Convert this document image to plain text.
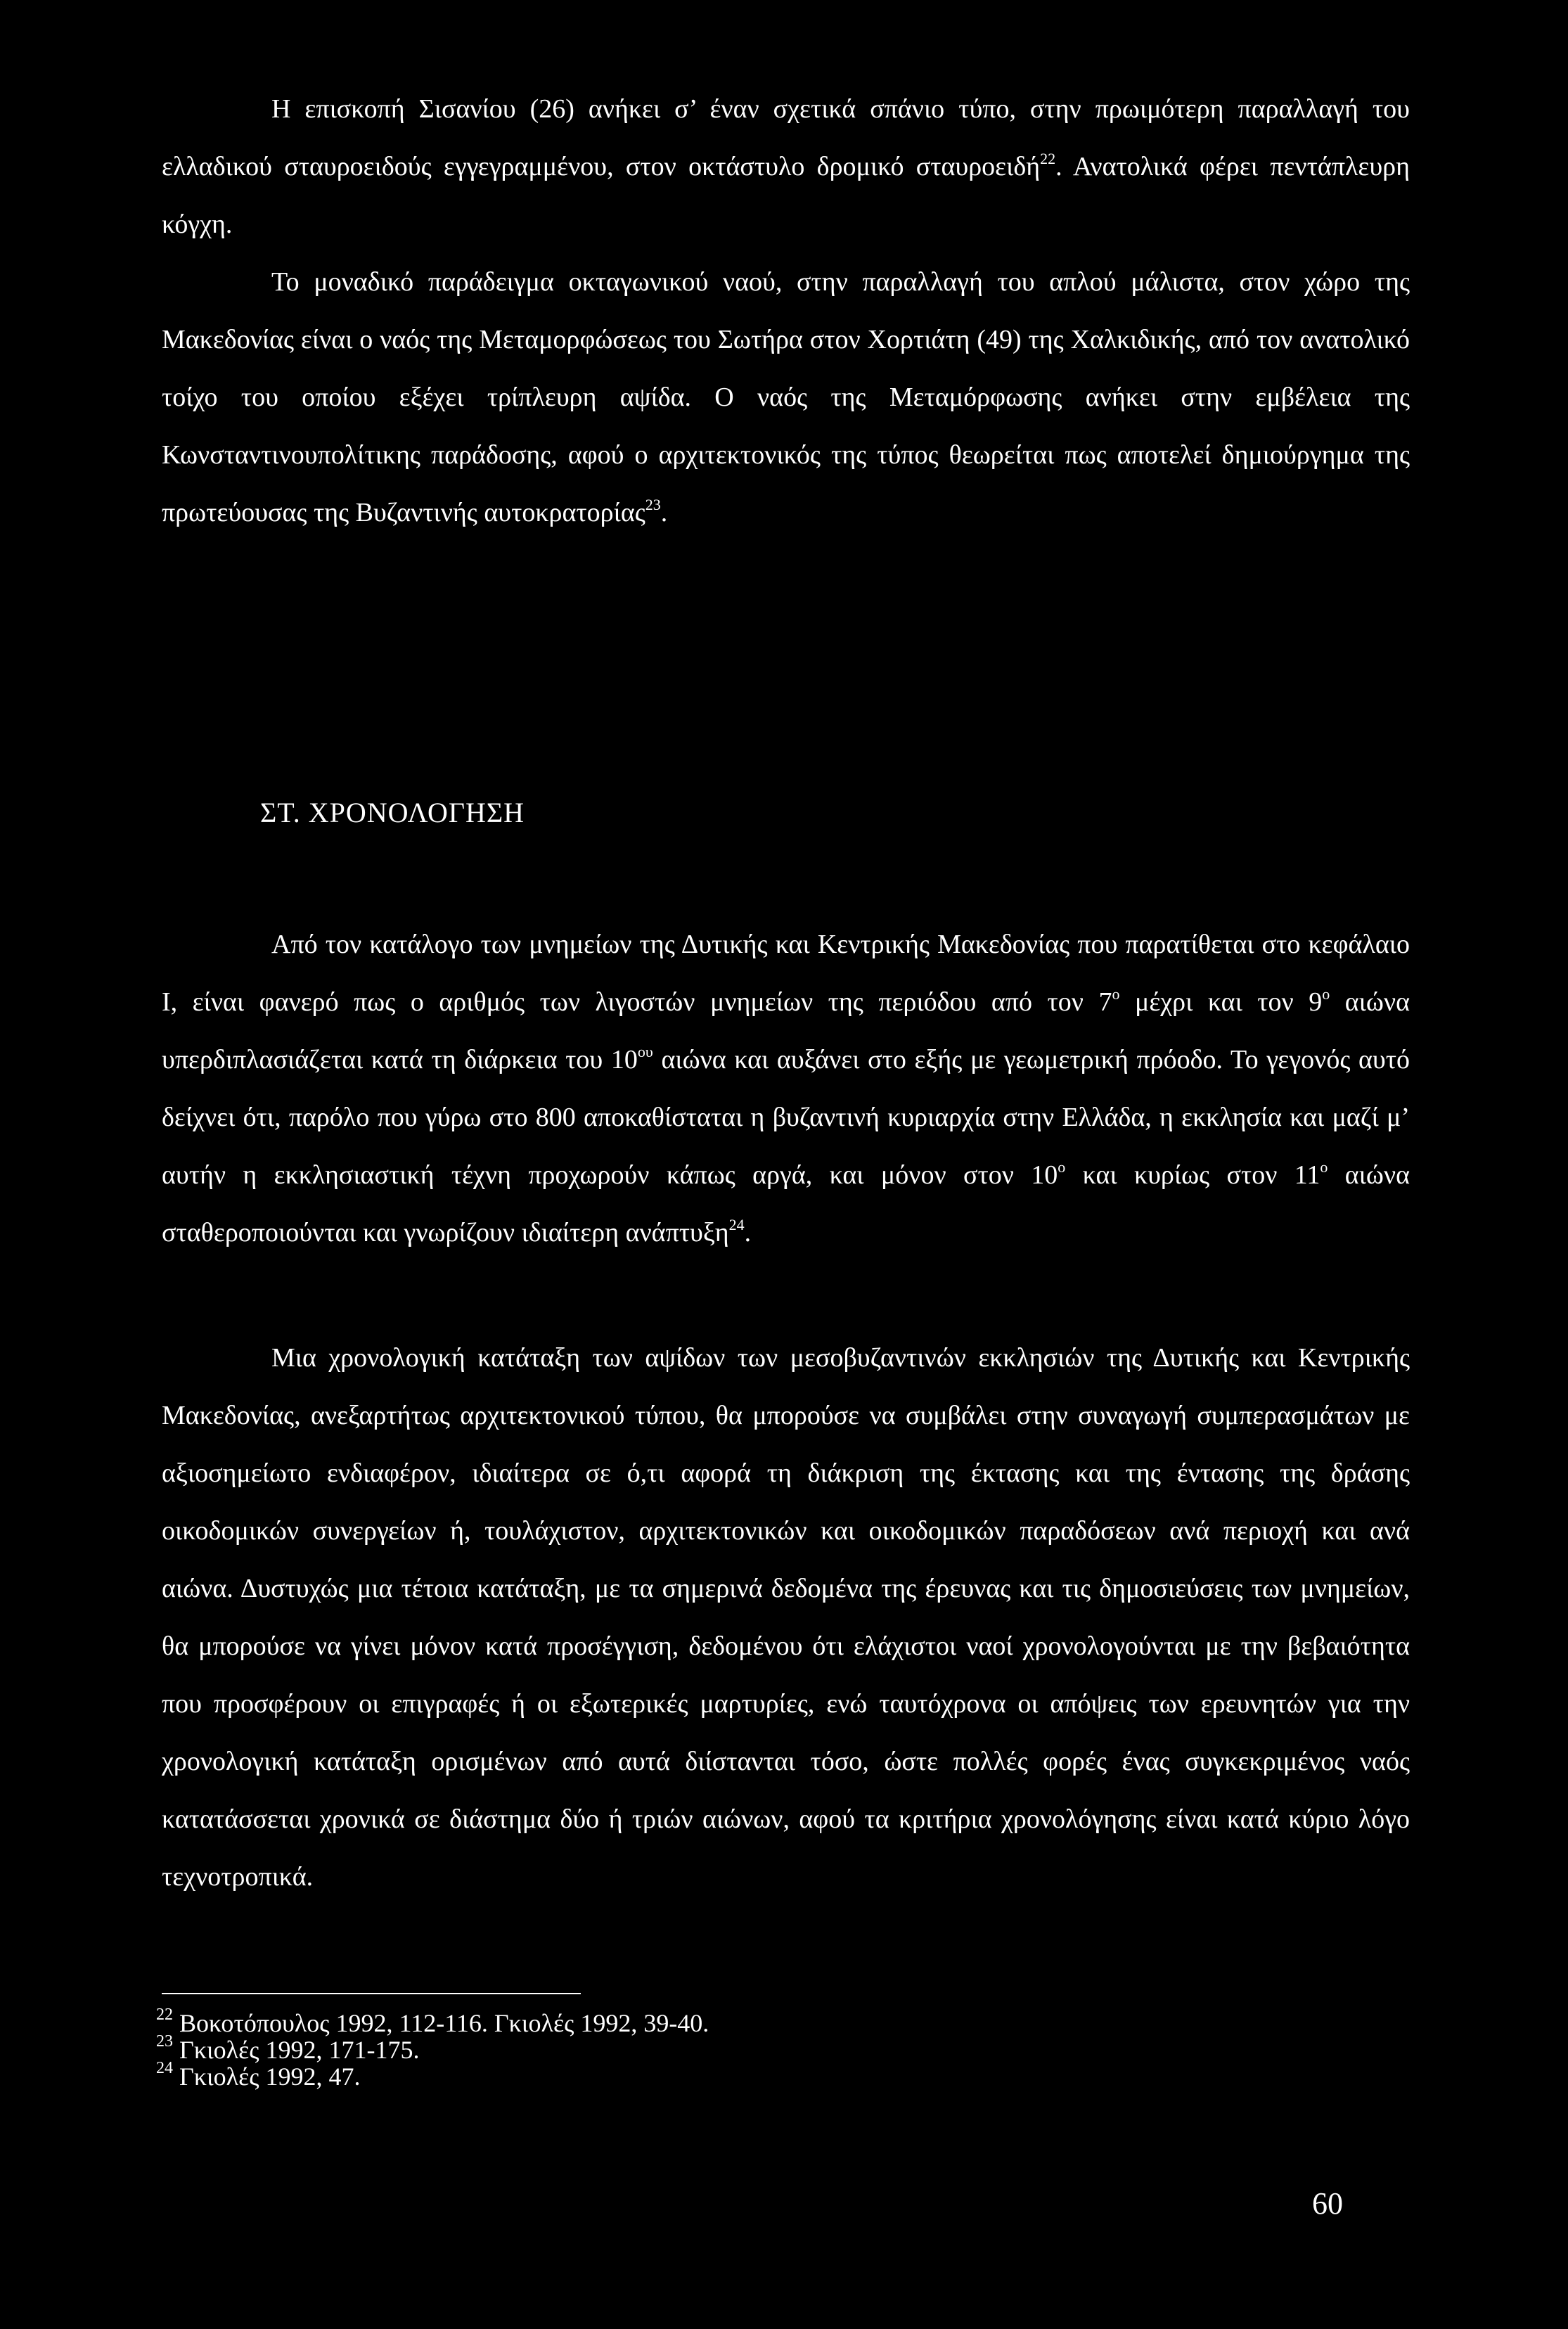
Η επισκοπή Σισανίου (26) ανήκει σ’ έναν σχετικά σπάνιο τύπο, στην πρωιμότερη παραλλαγή του ελλαδικού σταυροειδούς εγγεγραμμένου, στον οκτάστυλο δρομικό σταυροειδή$^{22}$. Ανατολικά φέρει πεντάπλευρη κόγχη.

Το μοναδικό παράδειγμα οκταγωνικού ναού, στην παραλλαγή του απλού μάλιστα, στον χώρο της Μακεδονίας είναι ο ναός της Μεταμορφώσεως του Σωτήρα στον Χορτιάτη (49) της Χαλκιδικής, από τον ανατολικό τοίχο του οποίου εξέχει τρίπλευρη αψίδα. Ο ναός της Μεταμόρφωσης ανήκει στην εμβέλεια της Κωνσταντινουπολίτικης παράδοσης, αφού ο αρχιτεκτονικός της τύπος θεωρείται πως αποτελεί δημιούργημα της πρωτεύουσας της Βυζαντινής αυτοκρατορίας$^{23}$.

ΣΤ. ΧΡΟΝΟΛΟΓΗΣΗ

Από τον κατάλογο των μνημείων της Δυτικής και Κεντρικής Μακεδονίας που παρατίθεται στο κεφάλαιο Ι, είναι φανερό πως ο αριθμός των λιγοστών μνημείων της περιόδου από τον $7^o$ μέχρι και τον $9^o$ αιώνα υπερδιπλασιάζεται κατά τη διάρκεια του $10^{o\upsilon}$ αιώνα και αυξάνει στο εξής με γεωμετρική πρόοδο. Το γεγονός αυτό δείχνει ότι, παρόλο που γύρω στο 800 αποκαθίσταται η βυζαντινή κυριαρχία στην Ελλάδα, η εκκλησία και μαζί μ’ αυτήν η εκκλησιαστική τέχνη προχωρούν κάπως αργά, και μόνον στον $10^o$ και κυρίως στον $11^o$ αιώνα σταθεροποιούνται και γνωρίζουν ιδιαίτερη ανάπτυξη$^{24}$.

Μια χρονολογική κατάταξη των αψίδων των μεσοβυζαντινών εκκλησιών της Δυτικής και Κεντρικής Μακεδονίας, ανεξαρτήτως αρχιτεκτονικού τύπου, θα μπορούσε να συμβάλει στην συναγωγή συμπερασμάτων με αξιοσημείωτο ενδιαφέρον, ιδιαίτερα σε ό,τι αφορά τη διάκριση της έκτασης και της έντασης της δράσης οικοδομικών συνεργείων ή, τουλάχιστον, αρχιτεκτονικών και οικοδομικών παραδόσεων ανά περιοχή και ανά αιώνα. Δυστυχώς μια τέτοια κατάταξη, με τα σημερινά δεδομένα της έρευνας και τις δημοσιεύσεις των μνημείων, θα μπορούσε να γίνει μόνον κατά προσέγγιση, δεδομένου ότι ελάχιστοι ναοί χρονολογούνται με την βεβαιότητα που προσφέρουν οι επιγραφές ή οι εξωτερικές μαρτυρίες, ενώ ταυτόχρονα οι απόψεις των ερευνητών για την χρονολογική κατάταξη ορισμένων από αυτά διίστανται τόσο, ώστε πολλές φορές ένας συγκεκριμένος ναός κατατάσσεται χρονικά σε διάστημα δύο ή τριών αιώνων, αφού τα κριτήρια χρονολόγησης είναι κατά κύριο λόγο τεχνοτροπικά.

$^{22}$ Βοκοτόπουλος 1992, 112-116. Γκιολές 1992, 39-40.

$^{23}$ Γκιολές 1992, 171-175.

$^{24}$ Γκιολές 1992, 47.

60
